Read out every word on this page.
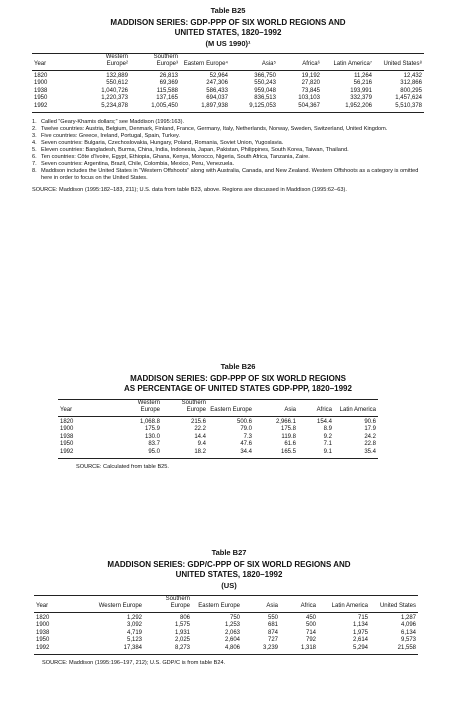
Table B25
MADDISON SERIES: GDP-PPP OF SIX WORLD REGIONS AND
UNITED STATES, 1820–1992
(M US 1990)¹
Year	Western Europe²	Southern Europe³	Eastern Europe⁴	Asia⁵	Africa⁶	Latin America⁷	United States⁸
1820	132,889	26,813	52,964	366,750	19,192	11,264	12,432
1900	550,612	69,369	247,306	550,243	27,820	56,216	312,866
1938	1,040,726	115,588	586,433	959,048	73,845	193,991	800,295
1950	1,220,373	137,165	694,037	836,513	103,103	332,379	1,457,624
1992	5,234,878	1,005,450	1,897,938	9,125,053	504,367	1,952,206	5,510,378
1. Called “Geary-Khamis dollars;” see Maddison (1995:163).
2. Twelve countries: Austria, Belgium, Denmark, Finland, France, Germany, Italy, Netherlands, Norway, Sweden, Switzerland, United Kingdom.
3. Five countries: Greece, Ireland, Portugal, Spain, Turkey.
4. Seven countries: Bulgaria, Czechoslovakia, Hungary, Poland, Romania, Soviet Union, Yugoslavia.
5. Eleven countries: Bangladesh, Burma, China, India, Indonesia, Japan, Pakistan, Philippines, South Korea, Taiwan, Thailand.
6. Ten countries: Côte d’Ivoire, Egypt, Ethiopia, Ghana, Kenya, Morocco, Nigeria, South Africa, Tanzania, Zaire.
7. Seven countries: Argentina, Brazil, Chile, Colombia, Mexico, Peru, Venezuela.
8. Maddison includes the United States in “Western Offshoots” along with Australia, Canada, and New Zealand. Western Offshoots as a category is omitted here in order to focus on the United States.
SOURCE: Maddison (1995:182–183, 211); U.S. data from table B23, above. Regions are discussed in Maddison (1995:62–63).
Table B26
MADDISON SERIES: GDP-PPP OF SIX WORLD REGIONS
AS PERCENTAGE OF UNITED STATES GDP-PPP, 1820–1992
Year	Western Europe	Southern Europe	Eastern Europe	Asia	Africa	Latin America
1820	1,068.8	215.6	500.6	2,966.1	154.4	90.6
1900	175.9	22.2	79.0	175.8	8.9	17.9
1938	130.0	14.4	7.3	119.8	9.2	24.2
1950	83.7	9.4	47.6	61.6	7.1	22.8
1992	95.0	18.2	34.4	165.5	9.1	35.4
SOURCE: Calculated from table B25.
Table B27
MADDISON SERIES: GDP/C-PPP OF SIX WORLD REGIONS AND
UNITED STATES, 1820–1992
(US)
Year	Western Europe	Southern Europe	Eastern Europe	Asia	Africa	Latin America	United States
1820	1,292	806	750	550	450	715	1,287
1900	3,092	1,575	1,253	681	500	1,134	4,096
1938	4,719	1,931	2,063	874	714	1,975	6,134
1950	5,123	2,025	2,604	727	792	2,614	9,573
1992	17,384	8,273	4,806	3,239	1,318	5,294	21,558
SOURCE: Maddison (1995:196–197, 212); U.S. GDP/C is from table B24.
